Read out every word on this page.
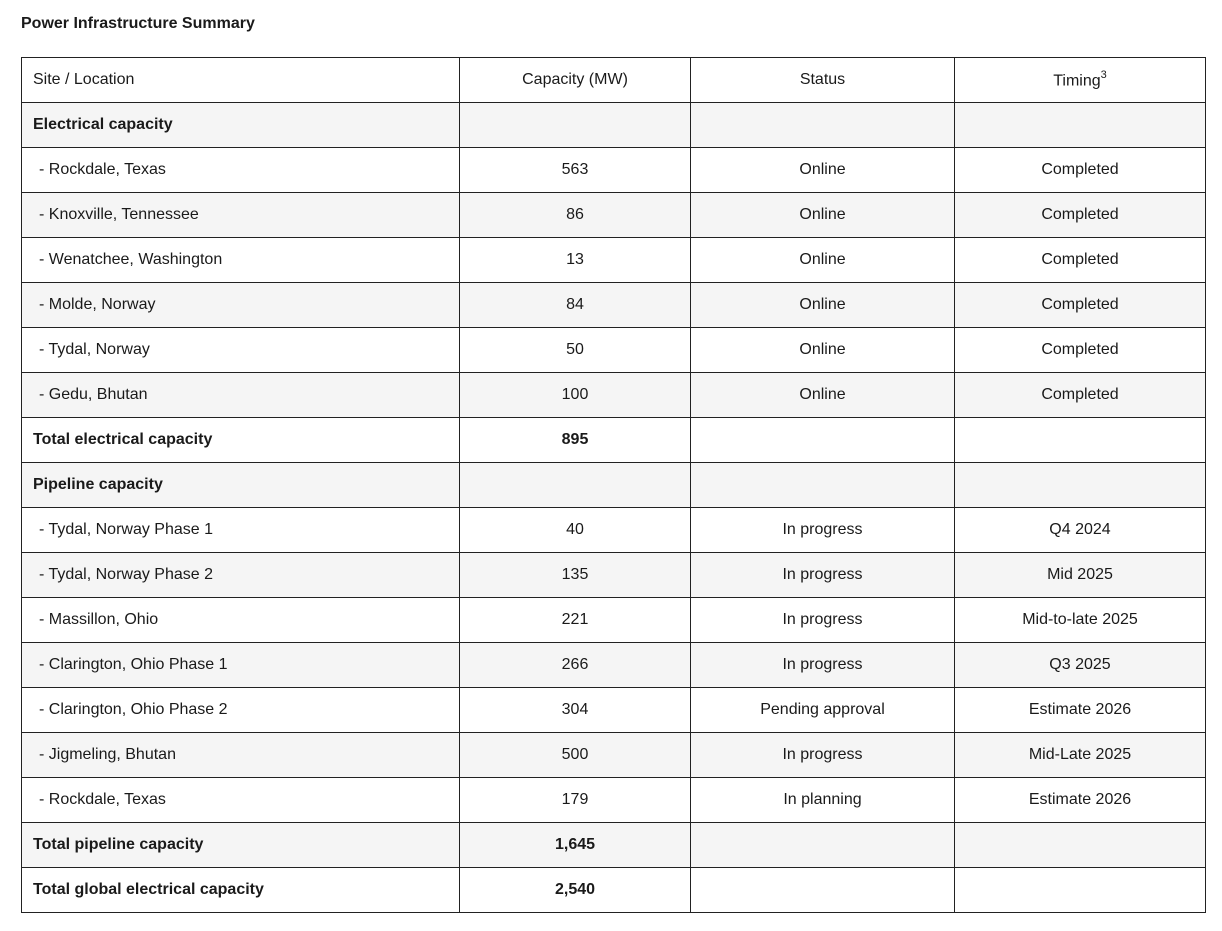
Power Infrastructure Summary
Site / Location	Capacity (MW)	Status	Timing$^3$
Electrical capacity			
- Rockdale, Texas	563	Online	Completed
- Knoxville, Tennessee	86	Online	Completed
- Wenatchee, Washington	13	Online	Completed
- Molde, Norway	84	Online	Completed
- Tydal, Norway	50	Online	Completed
- Gedu, Bhutan	100	Online	Completed
Total electrical capacity	895		
Pipeline capacity			
- Tydal, Norway Phase 1	40	In progress	Q4 2024
- Tydal, Norway Phase 2	135	In progress	Mid 2025
- Massillon, Ohio	221	In progress	Mid-to-late 2025
- Clarington, Ohio Phase 1	266	In progress	Q3 2025
- Clarington, Ohio Phase 2	304	Pending approval	Estimate 2026
- Jigmeling, Bhutan	500	In progress	Mid-Late 2025
- Rockdale, Texas	179	In planning	Estimate 2026
Total pipeline capacity	1,645		
Total global electrical capacity	2,540		
